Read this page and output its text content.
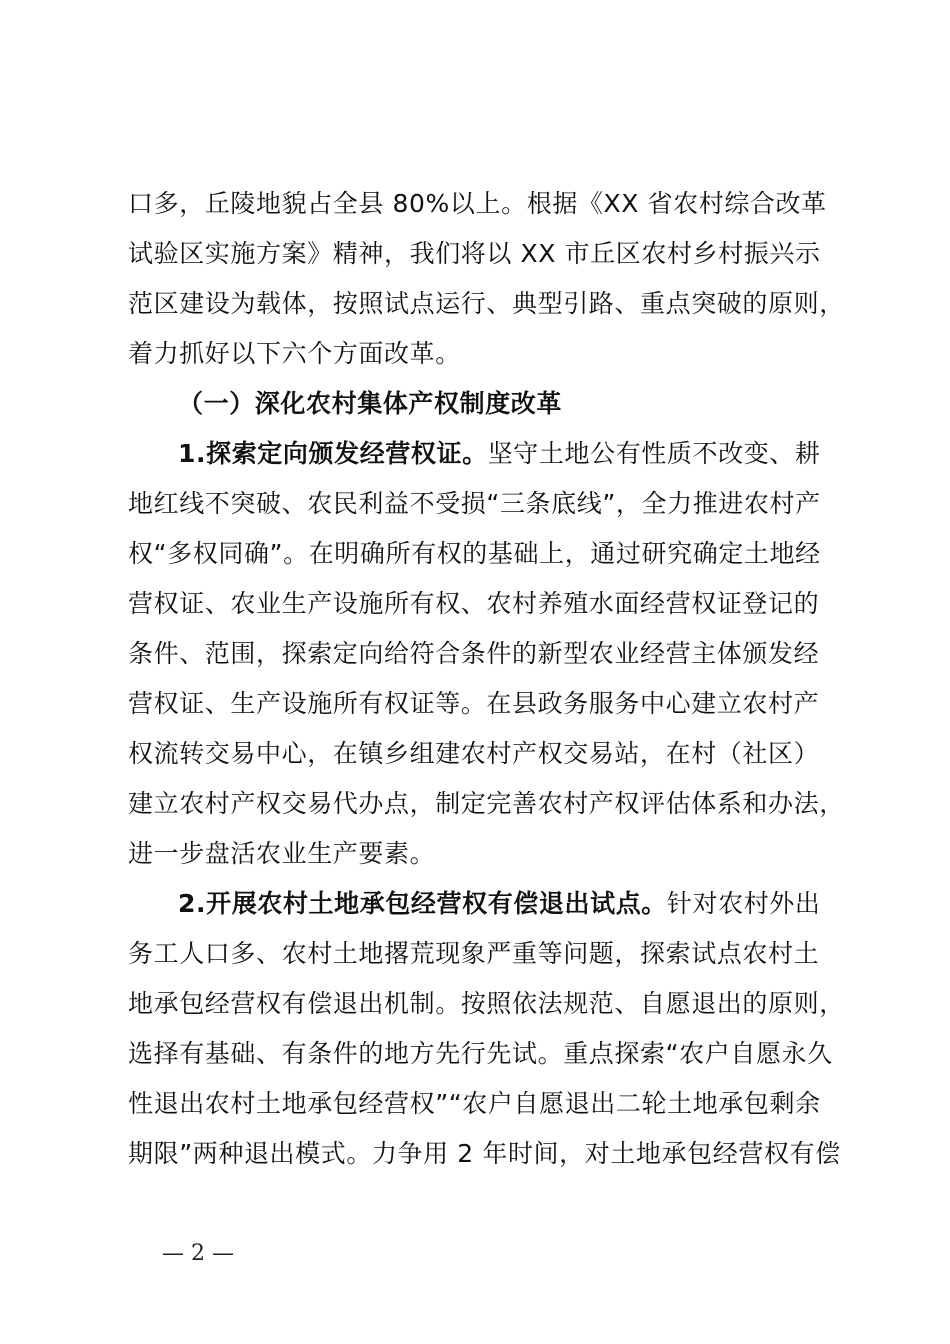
口多，丘陵地貌占全县 80%以上。根据《XX 省农村综合改革
试验区实施方案》精神，我们将以 XX 市丘区农村乡村振兴示
范区建设为载体，按照试点运行、典型引路、重点突破的原则，
着力抓好以下六个方面改革。
（一）深化农村集体产权制度改革
1.探索定向颁发经营权证。坚守土地公有性质不改变、耕
地红线不突破、农民利益不受损“三条底线”，全力推进农村产
权“多权同确”。在明确所有权的基础上，通过研究确定土地经
营权证、农业生产设施所有权、农村养殖水面经营权证登记的
条件、范围，探索定向给符合条件的新型农业经营主体颁发经
营权证、生产设施所有权证等。在县政务服务中心建立农村产
权流转交易中心，在镇乡组建农村产权交易站，在村（社区）
建立农村产权交易代办点，制定完善农村产权评估体系和办法，
进一步盘活农业生产要素。
2.开展农村土地承包经营权有偿退出试点。针对农村外出
务工人口多、农村土地撂荒现象严重等问题，探索试点农村土
地承包经营权有偿退出机制。按照依法规范、自愿退出的原则，
选择有基础、有条件的地方先行先试。重点探索“农户自愿永久
性退出农村土地承包经营权”“农户自愿退出二轮土地承包剩余
期限”两种退出模式。力争用 2 年时间，对土地承包经营权有偿
— 2 —
